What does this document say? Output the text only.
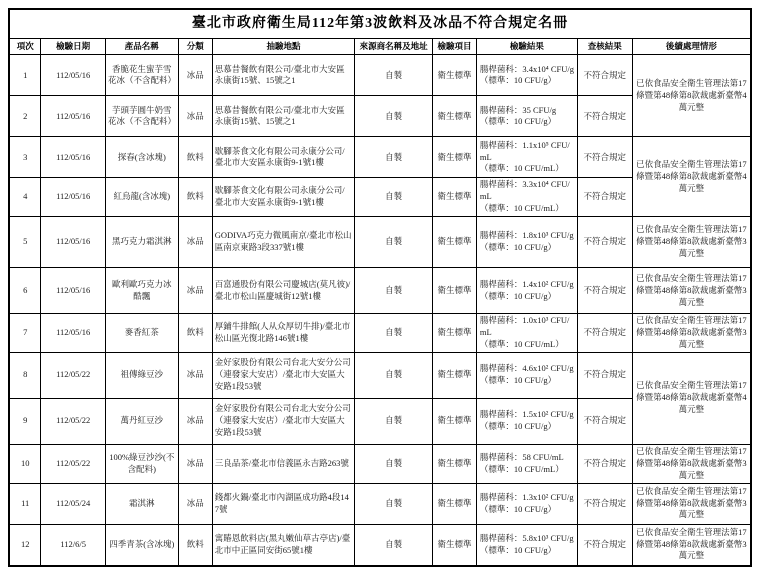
臺北市政府衛生局112年第3波飲料及冰品不符合規定名冊									
項次	檢驗日期	產品名稱	分類	抽驗地點	來源商名稱及地址	檢驗項目	檢驗結果	查核結果	後續處理情形
1	112/05/16	香脆花生蜜芋雪花冰（不含配料）	冰品	思慕昔餐飲有限公司/臺北市大安區永康街15號、15號之1	自製	衛生標準	腸桿菌科：3.4x10⁴ CFU/g
（標準：10 CFU/g）	不符合規定	已依食品安全衛生管理法第17條暨第48條第8款裁處新臺幣4萬元整
2	112/05/16	芋頭芋圓牛奶雪花冰（不含配料）	冰品	思慕昔餐飲有限公司/臺北市大安區永康街15號、15號之1	自製	衛生標準	腸桿菌科：35 CFU/g
（標準：10 CFU/g）	不符合規定	
3	112/05/16	探春(含冰塊)	飲料	歇腳茶食文化有限公司永康分公司/臺北市大安區永康街9-1號1樓	自製	衛生標準	腸桿菌科：1.1x10⁵ CFU/mL
（標準：10 CFU/mL）	不符合規定	已依食品安全衛生管理法第17條暨第48條第8款裁處新臺幣4萬元整
4	112/05/16	紅烏龍(含冰塊)	飲料	歇腳茶食文化有限公司永康分公司/臺北市大安區永康街9-1號1樓	自製	衛生標準	腸桿菌科：3.3x10⁴ CFU/mL
（標準：10 CFU/mL）	不符合規定	
5	112/05/16	黑巧克力霜淇淋	冰品	GODIVA巧克力微風南京/臺北市松山區南京東路3段337號1樓	自製	衛生標準	腸桿菌科：1.8x10³ CFU/g
（標準：10 CFU/g）	不符合規定	已依食品安全衛生管理法第17條暨第48條第8款裁處新臺幣3萬元整
6	112/05/16	歐利歐巧克力冰酷飄	冰品	百富通股份有限公司慶城店(莫凡彼)/臺北市松山區慶城街12號1樓	自製	衛生標準	腸桿菌科：1.4x10² CFU/g
（標準：10 CFU/g）	不符合規定	已依食品安全衛生管理法第17條暨第48條第8款裁處新臺幣3萬元整
7	112/05/16	麥香紅茶	飲料	厚鋪牛排館(人从众厚切牛排)/臺北市松山區光復北路146號1樓	自製	衛生標準	腸桿菌科：1.0x10³ CFU/mL
（標準：10 CFU/mL）	不符合規定	已依食品安全衛生管理法第17條暨第48條第8款裁處新臺幣3萬元整
8	112/05/22	祖傳綠豆沙	冰品	金好家股份有限公司台北大安分公司（連發家大安店）/臺北市大安區大安路1段53號	自製	衛生標準	腸桿菌科：4.6x10² CFU/g
（標準：10 CFU/g）	不符合規定	已依食品安全衛生管理法第17條暨第48條第8款裁處新臺幣4萬元整
9	112/05/22	萬丹紅豆沙	冰品	金好家股份有限公司台北大安分公司（連發家大安店）/臺北市大安區大安路1段53號	自製	衛生標準	腸桿菌科：1.5x10² CFU/g
（標準：10 CFU/g）	不符合規定	
10	112/05/22	100%綠豆沙沙(不含配料)	冰品	三良品茶/臺北市信義區永吉路263號	自製	衛生標準	腸桿菌科：58 CFU/mL
（標準：10 CFU/mL）	不符合規定	已依食品安全衛生管理法第17條暨第48條第8款裁處新臺幣3萬元整
11	112/05/24	霜淇淋	冰品	錢都火鍋/臺北市內湖區成功路4段147號	自製	衛生標準	腸桿菌科：1.3x10² CFU/g
（標準：10 CFU/g）	不符合規定	已依食品安全衛生管理法第17條暨第48條第8款裁處新臺幣3萬元整
12	112/6/5	四季青茶(含冰塊)	飲料	寓賰恩飲料店(黑丸嫩仙草古亭店)/臺北市中正區同安街65號1樓	自製	衛生標準	腸桿菌科：5.8x10³ CFU/g
（標準：10 CFU/g）	不符合規定	已依食品安全衛生管理法第17條暨第48條第8款裁處新臺幣3萬元整
